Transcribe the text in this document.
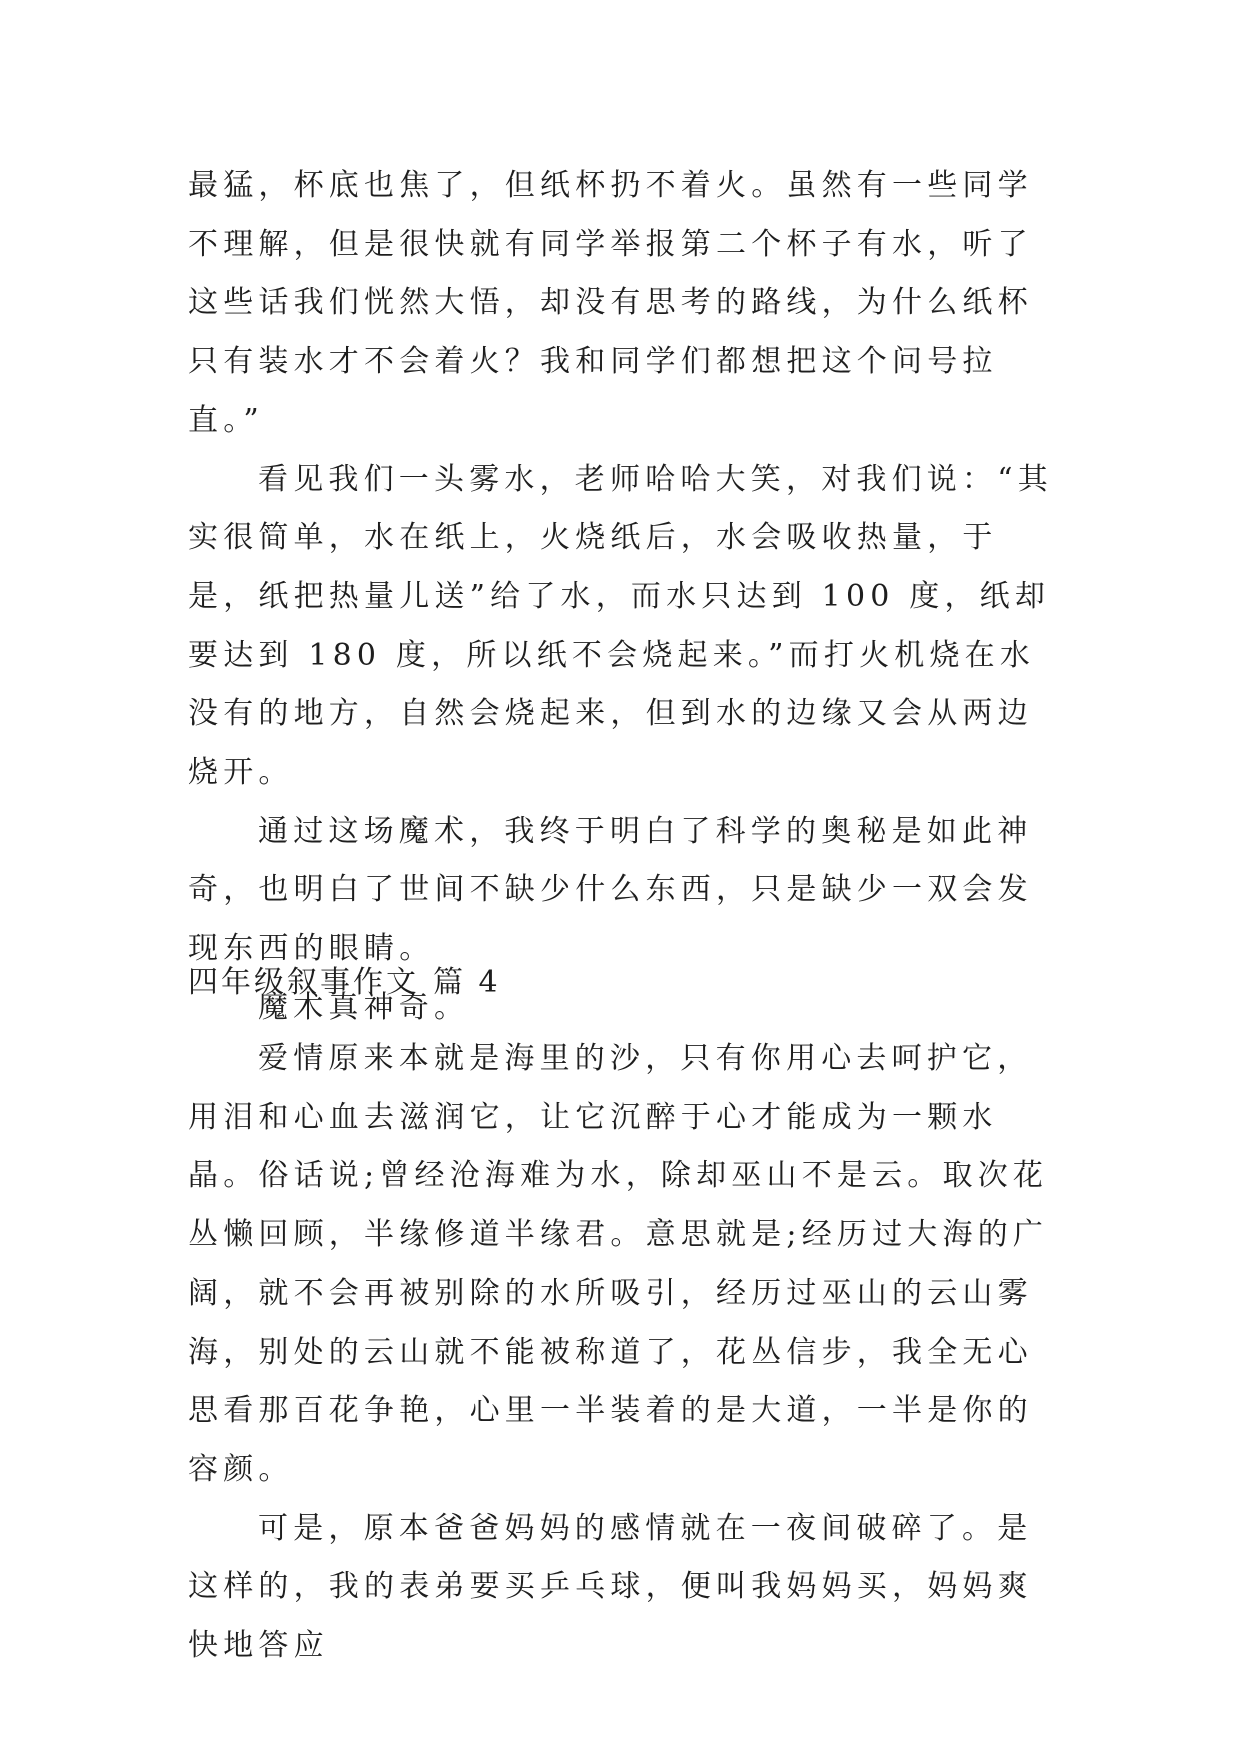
最猛，杯底也焦了，但纸杯扔不着火。虽然有一些同学不理解，但是很快就有同学举报第二个杯子有水，听了这些话我们恍然大悟，却没有思考的路线，为什么纸杯只有装水才不会着火？我和同学们都想把这个问号拉直。”

看见我们一头雾水，老师哈哈大笑，对我们说：“其实很简单，水在纸上，火烧纸后，水会吸收热量，于是，纸把热量儿送”给了水，而水只达到 100 度，纸却要达到 180 度，所以纸不会烧起来。”而打火机烧在水没有的地方，自然会烧起来，但到水的边缘又会从两边烧开。

通过这场魔术，我终于明白了科学的奥秘是如此神奇，也明白了世间不缺少什么东西，只是缺少一双会发现东西的眼睛。

魔术真神奇。

四年级叙事作文 篇 4

爱情原来本就是海里的沙，只有你用心去呵护它，用泪和心血去滋润它，让它沉醉于心才能成为一颗水晶。俗话说;曾经沧海难为水，除却巫山不是云。取次花丛懒回顾，半缘修道半缘君。意思就是;经历过大海的广阔，就不会再被别除的水所吸引，经历过巫山的云山雾海，别处的云山就不能被称道了，花丛信步，我全无心思看那百花争艳，心里一半装着的是大道，一半是你的容颜。

可是，原本爸爸妈妈的感情就在一夜间破碎了。是这样的，我的表弟要买乒乓球，便叫我妈妈买，妈妈爽快地答应
